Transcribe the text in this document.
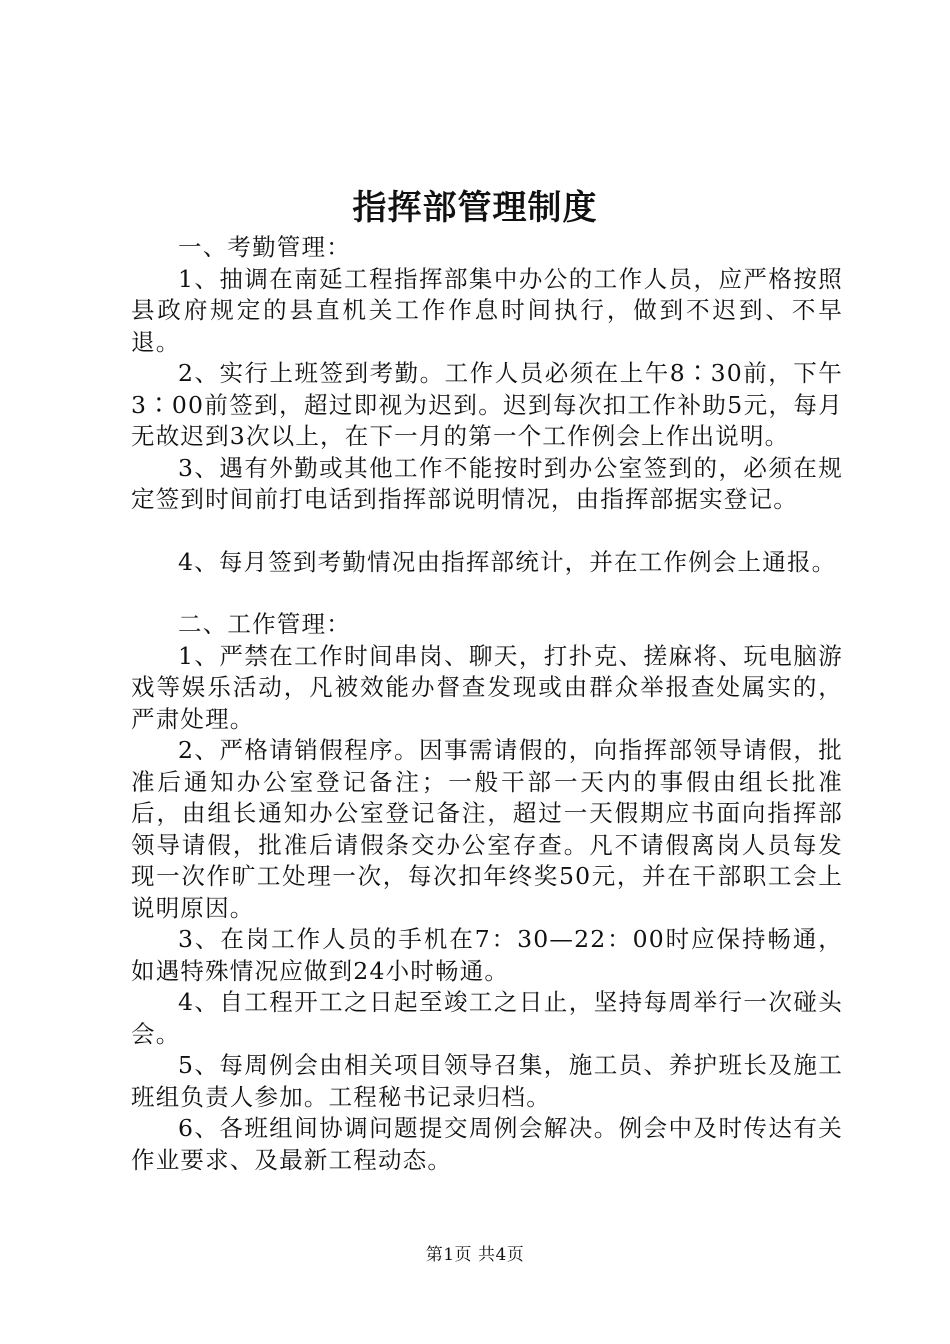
指挥部管理制度

一、考勤管理：

1、抽调在南延工程指挥部集中办公的工作人员，应严格按照县政府规定的县直机关工作作息时间执行，做到不迟到、不早退。

2、实行上班签到考勤。工作人员必须在上午8∶30前，下午3∶00前签到，超过即视为迟到。迟到每次扣工作补助5元，每月无故迟到3次以上，在下一月的第一个工作例会上作出说明。

3、遇有外勤或其他工作不能按时到办公室签到的，必须在规定签到时间前打电话到指挥部说明情况，由指挥部据实登记。

4、每月签到考勤情况由指挥部统计，并在工作例会上通报。

二、工作管理：

1、严禁在工作时间串岗、聊天，打扑克、搓麻将、玩电脑游戏等娱乐活动，凡被效能办督查发现或由群众举报查处属实的，严肃处理。

2、严格请销假程序。因事需请假的，向指挥部领导请假，批准后通知办公室登记备注；一般干部一天内的事假由组长批准后，由组长通知办公室登记备注，超过一天假期应书面向指挥部领导请假，批准后请假条交办公室存查。凡不请假离岗人员每发现一次作旷工处理一次，每次扣年终奖50元，并在干部职工会上说明原因。

3、在岗工作人员的手机在7：30—22：00时应保持畅通，如遇特殊情况应做到24小时畅通。

4、自工程开工之日起至竣工之日止，坚持每周举行一次碰头会。

5、每周例会由相关项目领导召集，施工员、养护班长及施工班组负责人参加。工程秘书记录归档。

6、各班组间协调问题提交周例会解决。例会中及时传达有关作业要求、及最新工程动态。

第1页 共4页
